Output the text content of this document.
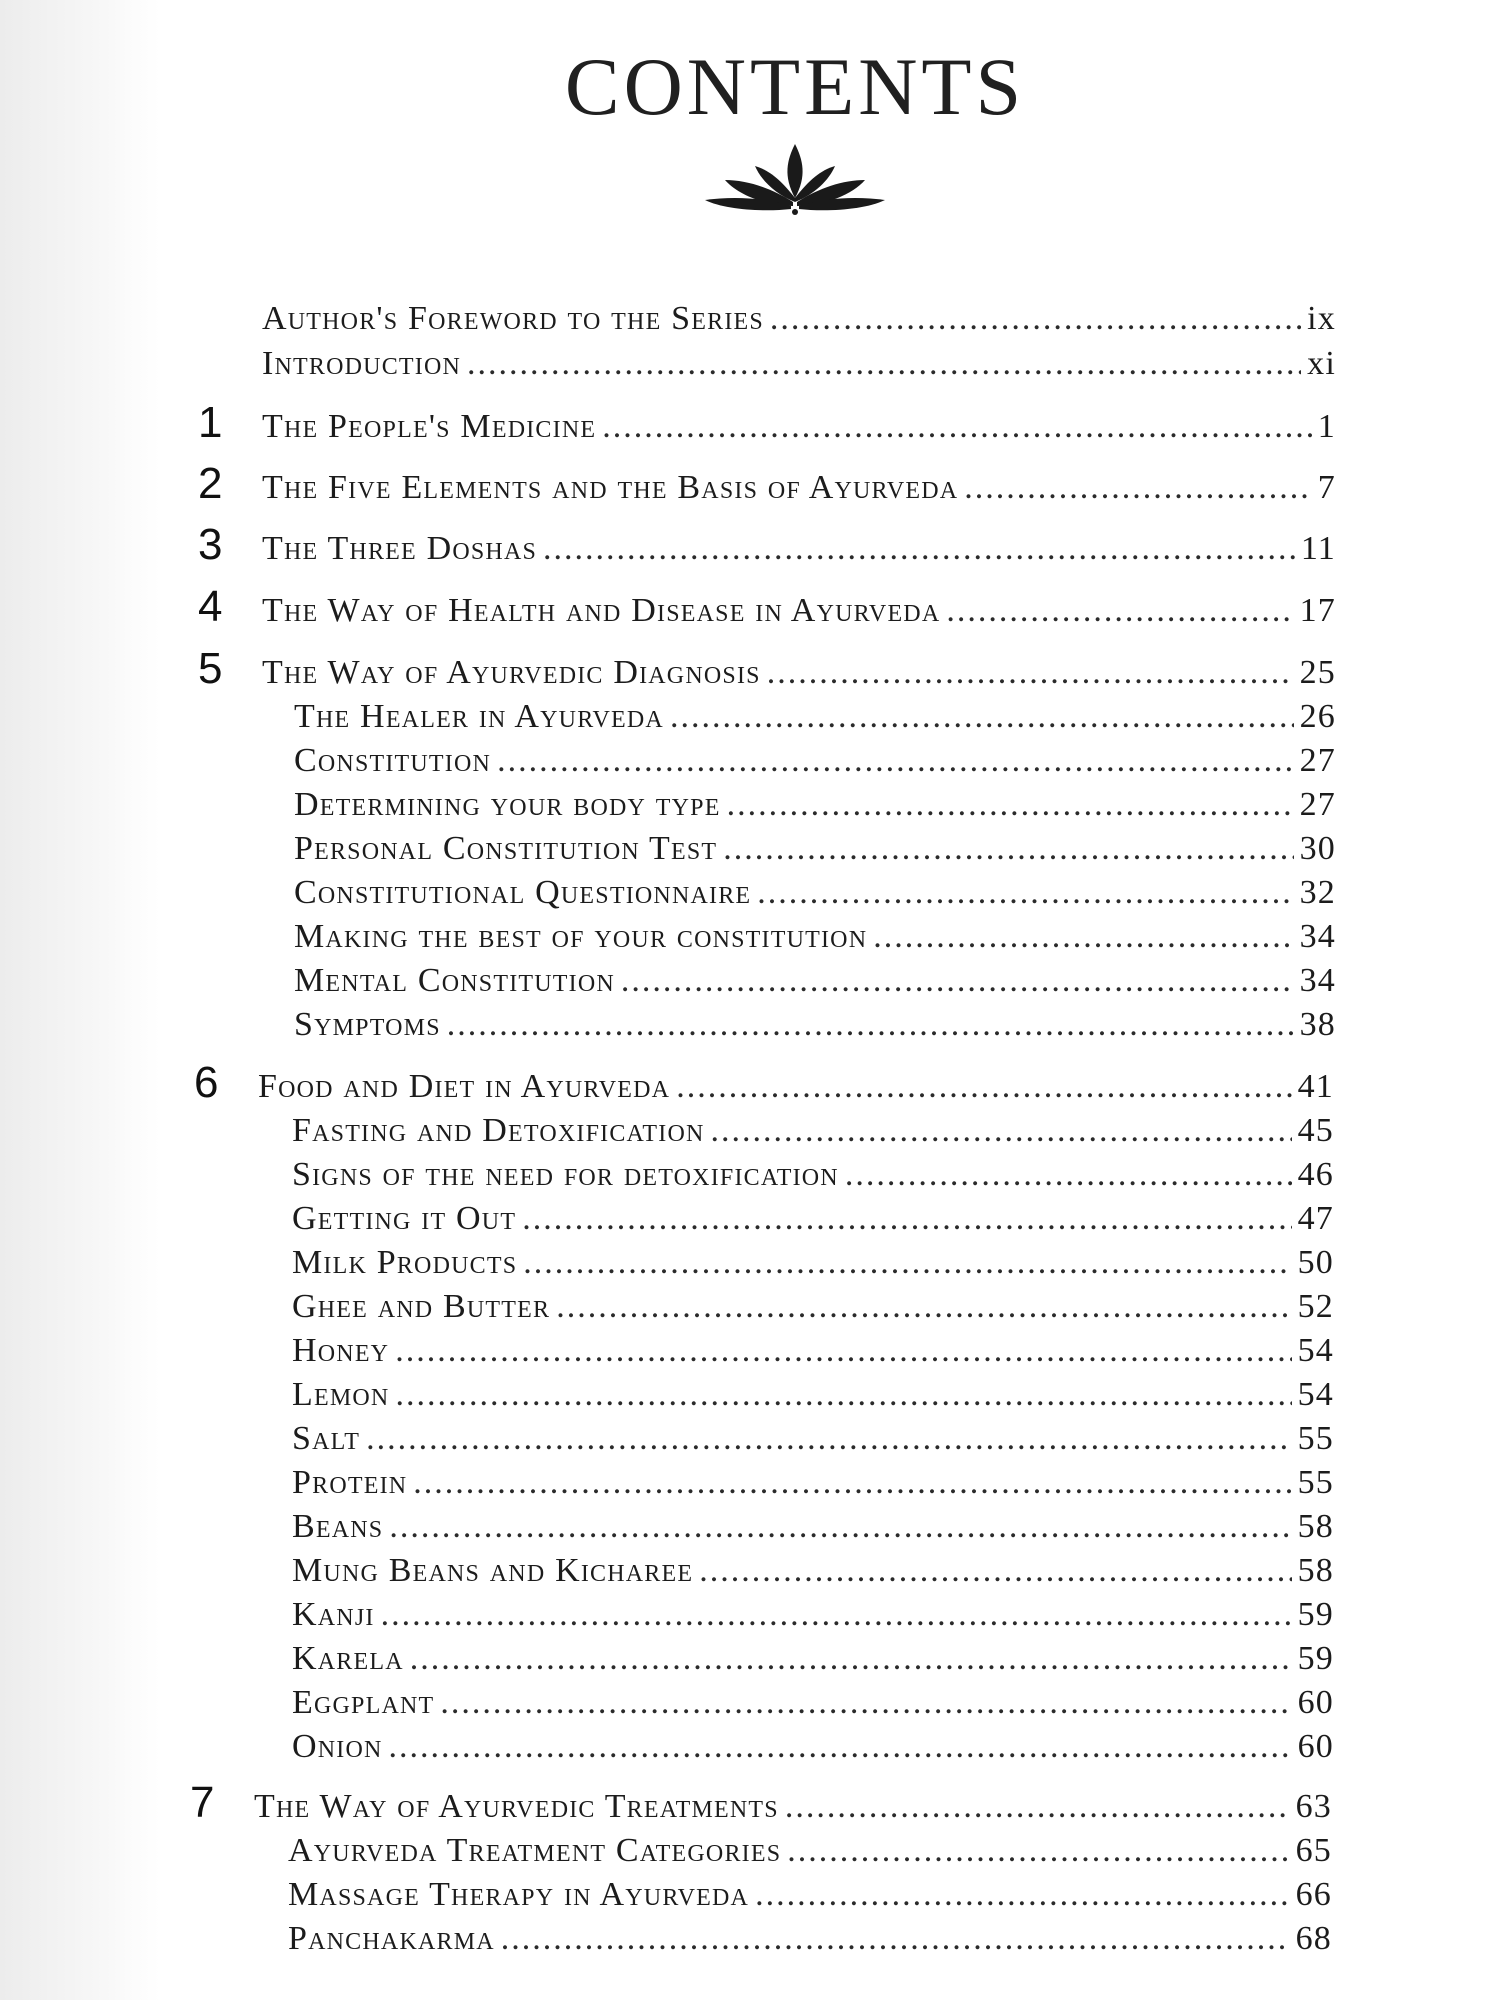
CONTENTS
Author's Foreword to the Series .....	ix
Introduction .....	xi
1	The People's Medicine .....	1
2	The Five Elements and the Basis of Ayurveda .....	7
3	The Three Doshas .....	11
4	The Way of Health and Disease in Ayurveda .....	17
5	The Way of Ayurvedic Diagnosis .....	25
The Healer in Ayurveda .....	26
Constitution .....	27
Determining your body type .....	27
Personal Constitution Test .....	30
Constitutional Questionnaire .....	32
Making the best of your constitution .....	34
Mental Constitution .....	34
Symptoms .....	38
6	Food and Diet in Ayurveda .....	41
Fasting and Detoxification .....	45
Signs of the need for detoxification .....	46
Getting it Out .....	47
Milk Products .....	50
Ghee and Butter .....	52
Honey .....	54
Lemon .....	54
Salt .....	55
Protein .....	55
Beans .....	58
Mung Beans and Kicharee .....	58
Kanji .....	59
Karela .....	59
Eggplant .....	60
Onion .....	60
7	The Way of Ayurvedic Treatments .....	63
Ayurveda Treatment Categories .....	65
Massage Therapy in Ayurveda .....	66
Panchakarma .....	68
